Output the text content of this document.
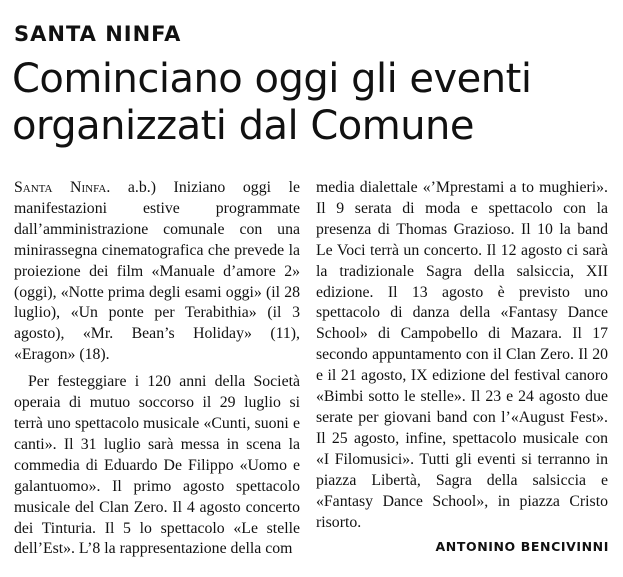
SANTA NINFA
Cominciano oggi gli eventi
organizzati dal Comune

Santa Ninfa. a.b.) Iniziano oggi le manifestazioni estive programmate dall’amministrazione comunale con una minirassegna cinematografica che prevede la proiezione dei film «Manuale d’amore 2» (oggi), «Notte prima degli esami oggi» (il 28 luglio), «Un ponte per Terabithia» (il 3 agosto), «Mr. Bean’s Holiday» (11), «Eragon» (18).

Per festeggiare i 120 anni della Società operaia di mutuo soccorso il 29 luglio si terrà uno spettacolo musicale «Cunti, suoni e canti». Il 31 luglio sarà messa in scena la commedia di Eduardo De Filippo «Uomo e galantuomo». Il primo agosto spettacolo musicale del Clan Zero. Il 4 agosto concerto dei Tinturia. Il 5 lo spettacolo «Le stelle dell’Est». L’8 la rappresentazione della com

media dialettale «’Mprestami a to mughieri». Il 9 serata di moda e spettacolo con la presenza di Thomas Grazioso. Il 10 la band Le Voci terrà un concerto. Il 12 agosto ci sarà la tradizionale Sagra della salsiccia, XII edizione. Il 13 agosto è previsto uno spettacolo di danza della «Fantasy Dance School» di Campobello di Mazara. Il 17 secondo appuntamento con il Clan Zero. Il 20 e il 21 agosto, IX edizione del festival canoro «Bimbi sotto le stelle». Il 23 e 24 agosto due serate per giovani band con l’«August Fest». Il 25 agosto, infine, spettacolo musicale con «I Filomusici». Tutti gli eventi si terranno in piazza Libertà, Sagra della salsiccia e «Fantasy Dance School», in piazza Cristo risorto.

ANTONINO BENCIVINNI
